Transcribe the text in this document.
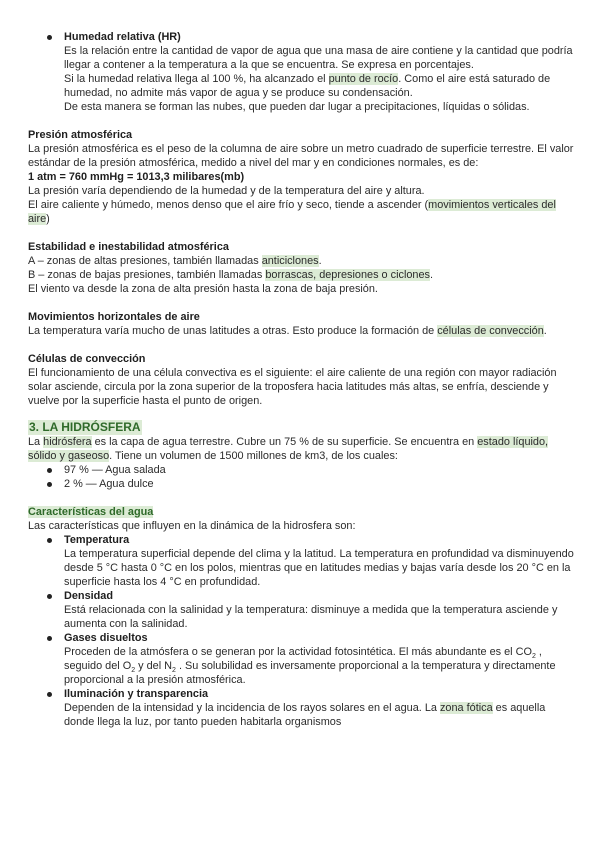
Humedad relativa (HR)

Es la relación entre la cantidad de vapor de agua que una masa de aire contiene y la cantidad que podría llegar a contener a la temperatura a la que se encuentra. Se expresa en porcentajes.

Si la humedad relativa llega al 100 %, ha alcanzado el punto de rocío. Como el aire está saturado de humedad, no admite más vapor de agua y se produce su condensación.

De esta manera se forman las nubes, que pueden dar lugar a precipitaciones, líquidas o sólidas.

Presión atmosférica

La presión atmosférica es el peso de la columna de aire sobre un metro cuadrado de superficie terrestre. El valor estándar de la presión atmosférica, medido a nivel del mar y en condiciones normales, es de:

1 atm = 760 mmHg = 1013,3 milibares(mb)

La presión varía dependiendo de la humedad y de la temperatura del aire y altura.

El aire caliente y húmedo, menos denso que el aire frío y seco, tiende a ascender (movimientos verticales del aire)

Estabilidad e inestabilidad atmosférica

A – zonas de altas presiones, también llamadas anticiclones.

B – zonas de bajas presiones, también llamadas borrascas, depresiones o ciclones.

El viento va desde la zona de alta presión hasta la zona de baja presión.

Movimientos horizontales de aire

La temperatura varía mucho de unas latitudes a otras. Esto produce la formación de células de convección.

Células de convección

El funcionamiento de una célula convectiva es el siguiente: el aire caliente de una región con mayor radiación solar asciende, circula por la zona superior de la troposfera hacia latitudes más altas, se enfría, desciende y vuelve por la superficie hasta el punto de origen.

3. LA HIDRÓSFERA

La hidrósfera es la capa de agua terrestre. Cubre un 75 % de su superficie. Se encuentra en estado líquido, sólido y gaseoso. Tiene un volumen de 1500 millones de km3, de los cuales:

97 % — Agua salada
2 % — Agua dulce
Características del agua

Las características que influyen en la dinámica de la hidrosfera son:

Temperatura

La temperatura superficial depende del clima y la latitud. La temperatura en profundidad va disminuyendo desde 5 °C hasta 0 °C en los polos, mientras que en latitudes medias y bajas varía desde los 20 °C en la superficie hasta los 4 °C en profundidad.

Densidad

Está relacionada con la salinidad y la temperatura: disminuye a medida que la temperatura asciende y aumenta con la salinidad.

Gases disueltos

Proceden de la atmósfera o se generan por la actividad fotosintética. El más abundante es el $CO_2$ , seguido del $O_2$ y del $N_2$ . Su solubilidad es inversamente proporcional a la temperatura y directamente proporcional a la presión atmosférica.

Iluminación y transparencia

Dependen de la intensidad y la incidencia de los rayos solares en el agua. La zona fótica es aquella donde llega la luz, por tanto pueden habitarla organismos
